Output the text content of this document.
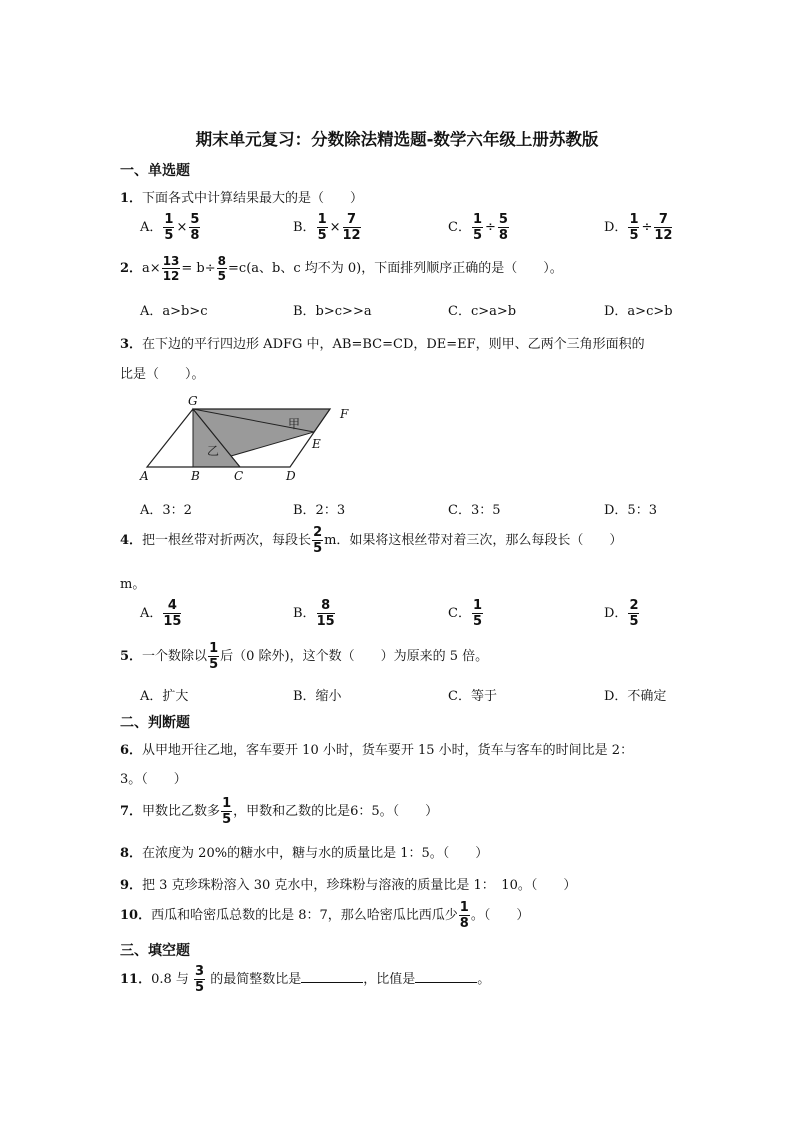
期末单元复习：分数除法精选题-数学六年级上册苏教版
一、单选题
1．下面各式中计算结果最大的是（　　）
A． $\frac{1}{5} \times \frac{5}{8}$	B． $\frac{1}{5} \times \frac{7}{12}$	C． $\frac{1}{5} \div \frac{5}{8}$	D． $\frac{1}{5} \div \frac{7}{12}$
2．$a\times \frac{13}{12} = b\div \frac{8}{5} =c(a$、b、c 均不为 0)，下面排列顺序正确的是（　　）。
A．a>b>c	B．b>c>>a	C．c>a>b	D．a>c>b
3．在下边的平行四边形 ADFG 中，AB=BC=CD，DE=EF，则甲、乙两个三角形面积的
比是（　　）。
G
F
E
A	B	C	D
甲
乙
A．3：2	B．2：3	C．3：5	D．5：3
4．把一根丝带对折两次，每段长 $\frac{2}{5}$ m．如果将这根丝带对着三次，那么每段长（　　）
m。
A． $\frac{4}{15}$	B． $\frac{8}{15}$	C． $\frac{1}{5}$	D． $\frac{2}{5}$
5．一个数除以 $\frac{1}{5}$ 后（0 除外)，这个数（　　）为原来的 5 倍。
A．扩大	B．缩小	C．等于	D．不确定
二、判断题
6．从甲地开往乙地，客车要开 10 小时，货车要开 15 小时，货车与客车的时间比是 2：
3。（　　）
7．甲数比乙数多 $\frac{1}{5}$ ，甲数和乙数的比是6：5。（　　）
8．在浓度为 20%的糖水中，糖与水的质量比是 1：5。（　　）
9．把 3 克珍珠粉溶入 30 克水中，珍珠粉与溶液的质量比是 1：　10。（　　）
10．西瓜和哈密瓜总数的比是 8：7，那么哈密瓜比西瓜少 $\frac{1}{8}$ 。（　　）
三、填空题
11．0.8 与 $\frac{3}{5}$ 的最简整数比是	，比值是	。
